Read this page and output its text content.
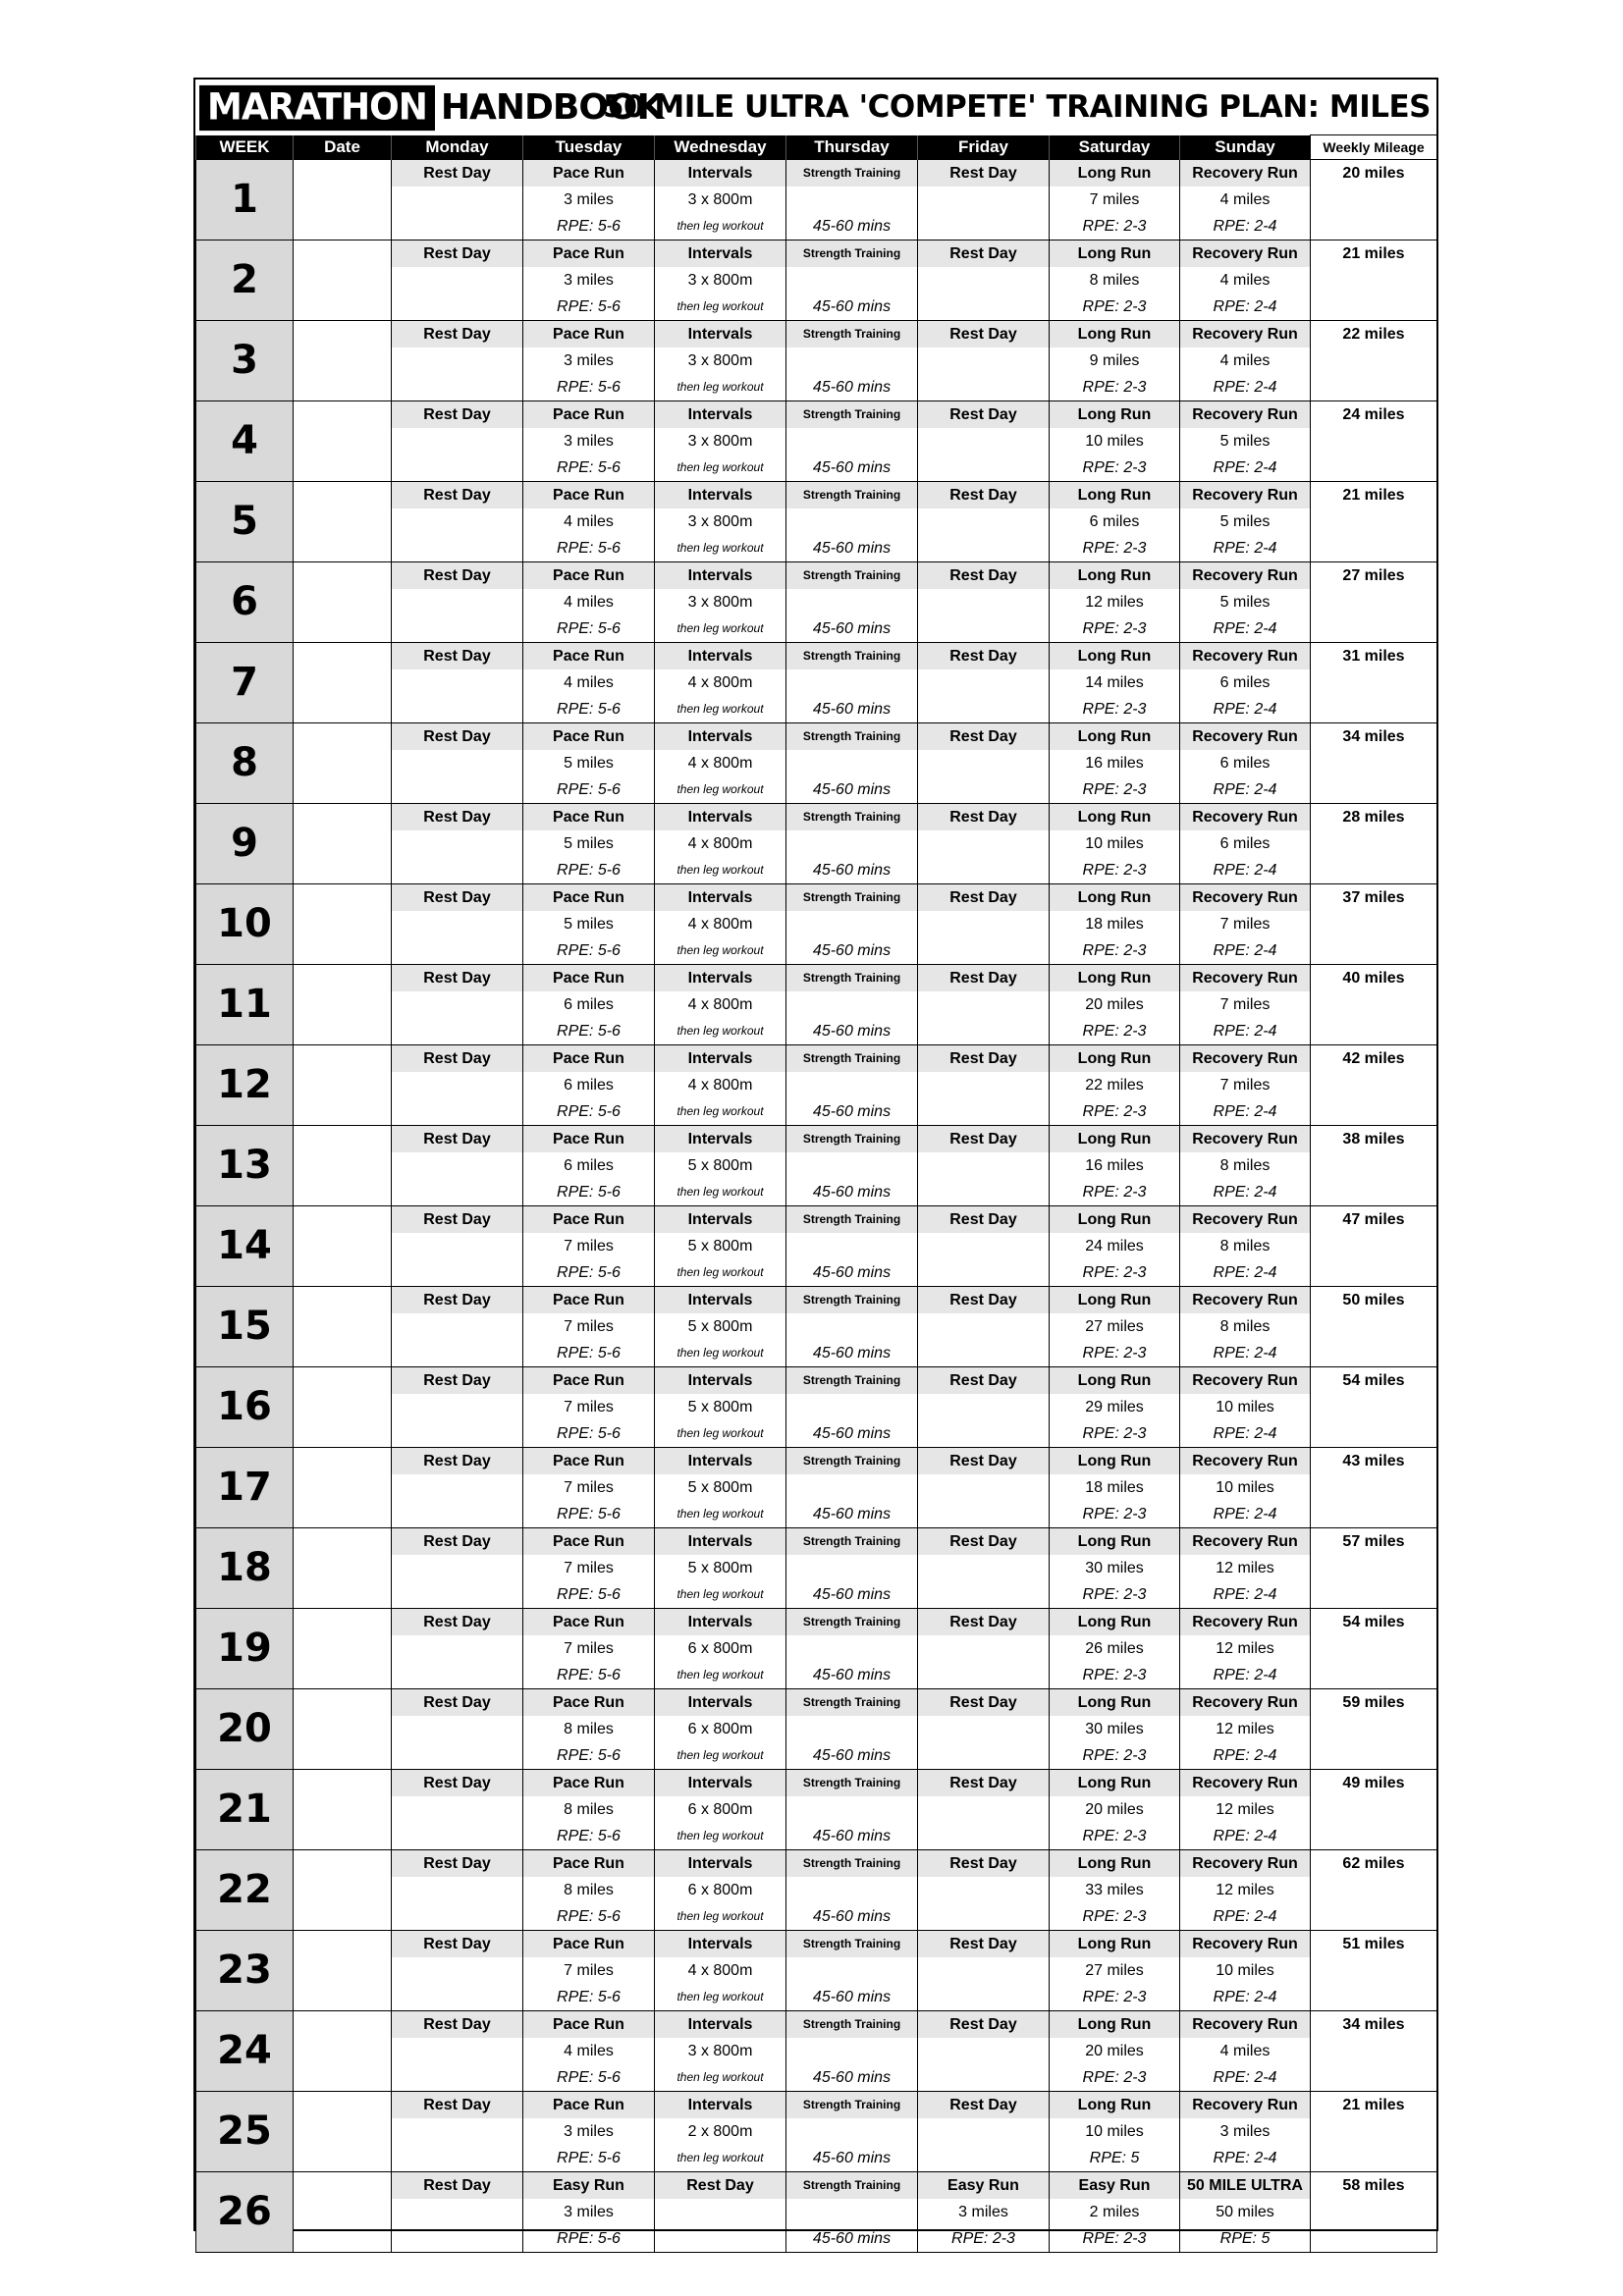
MARATHON HANDBOOK
50 MILE ULTRA 'COMPETE' TRAINING PLAN: MILES
WEEK	Date	Monday	Tuesday	Wednesday	Thursday	Friday	Saturday	Sunday	Weekly Mileage
1		Rest Day	Pace Run	Intervals	Strength Training	Rest Day	Long Run	Recovery Run	20 miles
			3 miles	3 x 800m			7 miles	4 miles	
			RPE: 5-6	then leg workout	45-60 mins		RPE: 2-3	RPE: 2-4	
2		Rest Day	Pace Run	Intervals	Strength Training	Rest Day	Long Run	Recovery Run	21 miles
			3 miles	3 x 800m			8 miles	4 miles	
			RPE: 5-6	then leg workout	45-60 mins		RPE: 2-3	RPE: 2-4	
3		Rest Day	Pace Run	Intervals	Strength Training	Rest Day	Long Run	Recovery Run	22 miles
			3 miles	3 x 800m			9 miles	4 miles	
			RPE: 5-6	then leg workout	45-60 mins		RPE: 2-3	RPE: 2-4	
4		Rest Day	Pace Run	Intervals	Strength Training	Rest Day	Long Run	Recovery Run	24 miles
			3 miles	3 x 800m			10 miles	5 miles	
			RPE: 5-6	then leg workout	45-60 mins		RPE: 2-3	RPE: 2-4	
5		Rest Day	Pace Run	Intervals	Strength Training	Rest Day	Long Run	Recovery Run	21 miles
			4 miles	3 x 800m			6 miles	5 miles	
			RPE: 5-6	then leg workout	45-60 mins		RPE: 2-3	RPE: 2-4	
6		Rest Day	Pace Run	Intervals	Strength Training	Rest Day	Long Run	Recovery Run	27 miles
			4 miles	3 x 800m			12 miles	5 miles	
			RPE: 5-6	then leg workout	45-60 mins		RPE: 2-3	RPE: 2-4	
7		Rest Day	Pace Run	Intervals	Strength Training	Rest Day	Long Run	Recovery Run	31 miles
			4 miles	4 x 800m			14 miles	6 miles	
			RPE: 5-6	then leg workout	45-60 mins		RPE: 2-3	RPE: 2-4	
8		Rest Day	Pace Run	Intervals	Strength Training	Rest Day	Long Run	Recovery Run	34 miles
			5 miles	4 x 800m			16 miles	6 miles	
			RPE: 5-6	then leg workout	45-60 mins		RPE: 2-3	RPE: 2-4	
9		Rest Day	Pace Run	Intervals	Strength Training	Rest Day	Long Run	Recovery Run	28 miles
			5 miles	4 x 800m			10 miles	6 miles	
			RPE: 5-6	then leg workout	45-60 mins		RPE: 2-3	RPE: 2-4	
10		Rest Day	Pace Run	Intervals	Strength Training	Rest Day	Long Run	Recovery Run	37 miles
			5 miles	4 x 800m			18 miles	7 miles	
			RPE: 5-6	then leg workout	45-60 mins		RPE: 2-3	RPE: 2-4	
11		Rest Day	Pace Run	Intervals	Strength Training	Rest Day	Long Run	Recovery Run	40 miles
			6 miles	4 x 800m			20 miles	7 miles	
			RPE: 5-6	then leg workout	45-60 mins		RPE: 2-3	RPE: 2-4	
12		Rest Day	Pace Run	Intervals	Strength Training	Rest Day	Long Run	Recovery Run	42 miles
			6 miles	4 x 800m			22 miles	7 miles	
			RPE: 5-6	then leg workout	45-60 mins		RPE: 2-3	RPE: 2-4	
13		Rest Day	Pace Run	Intervals	Strength Training	Rest Day	Long Run	Recovery Run	38 miles
			6 miles	5 x 800m			16 miles	8 miles	
			RPE: 5-6	then leg workout	45-60 mins		RPE: 2-3	RPE: 2-4	
14		Rest Day	Pace Run	Intervals	Strength Training	Rest Day	Long Run	Recovery Run	47 miles
			7 miles	5 x 800m			24 miles	8 miles	
			RPE: 5-6	then leg workout	45-60 mins		RPE: 2-3	RPE: 2-4	
15		Rest Day	Pace Run	Intervals	Strength Training	Rest Day	Long Run	Recovery Run	50 miles
			7 miles	5 x 800m			27 miles	8 miles	
			RPE: 5-6	then leg workout	45-60 mins		RPE: 2-3	RPE: 2-4	
16		Rest Day	Pace Run	Intervals	Strength Training	Rest Day	Long Run	Recovery Run	54 miles
			7 miles	5 x 800m			29 miles	10 miles	
			RPE: 5-6	then leg workout	45-60 mins		RPE: 2-3	RPE: 2-4	
17		Rest Day	Pace Run	Intervals	Strength Training	Rest Day	Long Run	Recovery Run	43 miles
			7 miles	5 x 800m			18 miles	10 miles	
			RPE: 5-6	then leg workout	45-60 mins		RPE: 2-3	RPE: 2-4	
18		Rest Day	Pace Run	Intervals	Strength Training	Rest Day	Long Run	Recovery Run	57 miles
			7 miles	5 x 800m			30 miles	12 miles	
			RPE: 5-6	then leg workout	45-60 mins		RPE: 2-3	RPE: 2-4	
19		Rest Day	Pace Run	Intervals	Strength Training	Rest Day	Long Run	Recovery Run	54 miles
			7 miles	6 x 800m			26 miles	12 miles	
			RPE: 5-6	then leg workout	45-60 mins		RPE: 2-3	RPE: 2-4	
20		Rest Day	Pace Run	Intervals	Strength Training	Rest Day	Long Run	Recovery Run	59 miles
			8 miles	6 x 800m			30 miles	12 miles	
			RPE: 5-6	then leg workout	45-60 mins		RPE: 2-3	RPE: 2-4	
21		Rest Day	Pace Run	Intervals	Strength Training	Rest Day	Long Run	Recovery Run	49 miles
			8 miles	6 x 800m			20 miles	12 miles	
			RPE: 5-6	then leg workout	45-60 mins		RPE: 2-3	RPE: 2-4	
22		Rest Day	Pace Run	Intervals	Strength Training	Rest Day	Long Run	Recovery Run	62 miles
			8 miles	6 x 800m			33 miles	12 miles	
			RPE: 5-6	then leg workout	45-60 mins		RPE: 2-3	RPE: 2-4	
23		Rest Day	Pace Run	Intervals	Strength Training	Rest Day	Long Run	Recovery Run	51 miles
			7 miles	4 x 800m			27 miles	10 miles	
			RPE: 5-6	then leg workout	45-60 mins		RPE: 2-3	RPE: 2-4	
24		Rest Day	Pace Run	Intervals	Strength Training	Rest Day	Long Run	Recovery Run	34 miles
			4 miles	3 x 800m			20 miles	4 miles	
			RPE: 5-6	then leg workout	45-60 mins		RPE: 2-3	RPE: 2-4	
25		Rest Day	Pace Run	Intervals	Strength Training	Rest Day	Long Run	Recovery Run	21 miles
			3 miles	2 x 800m			10 miles	3 miles	
			RPE: 5-6	then leg workout	45-60 mins		RPE: 5	RPE: 2-4	
26		Rest Day	Easy Run	Rest Day	Strength Training	Easy Run	Easy Run	50 MILE ULTRA	58 miles
			3 miles			3 miles	2 miles	50 miles	
			RPE: 5-6		45-60 mins	RPE: 2-3	RPE: 2-3	RPE: 5	
